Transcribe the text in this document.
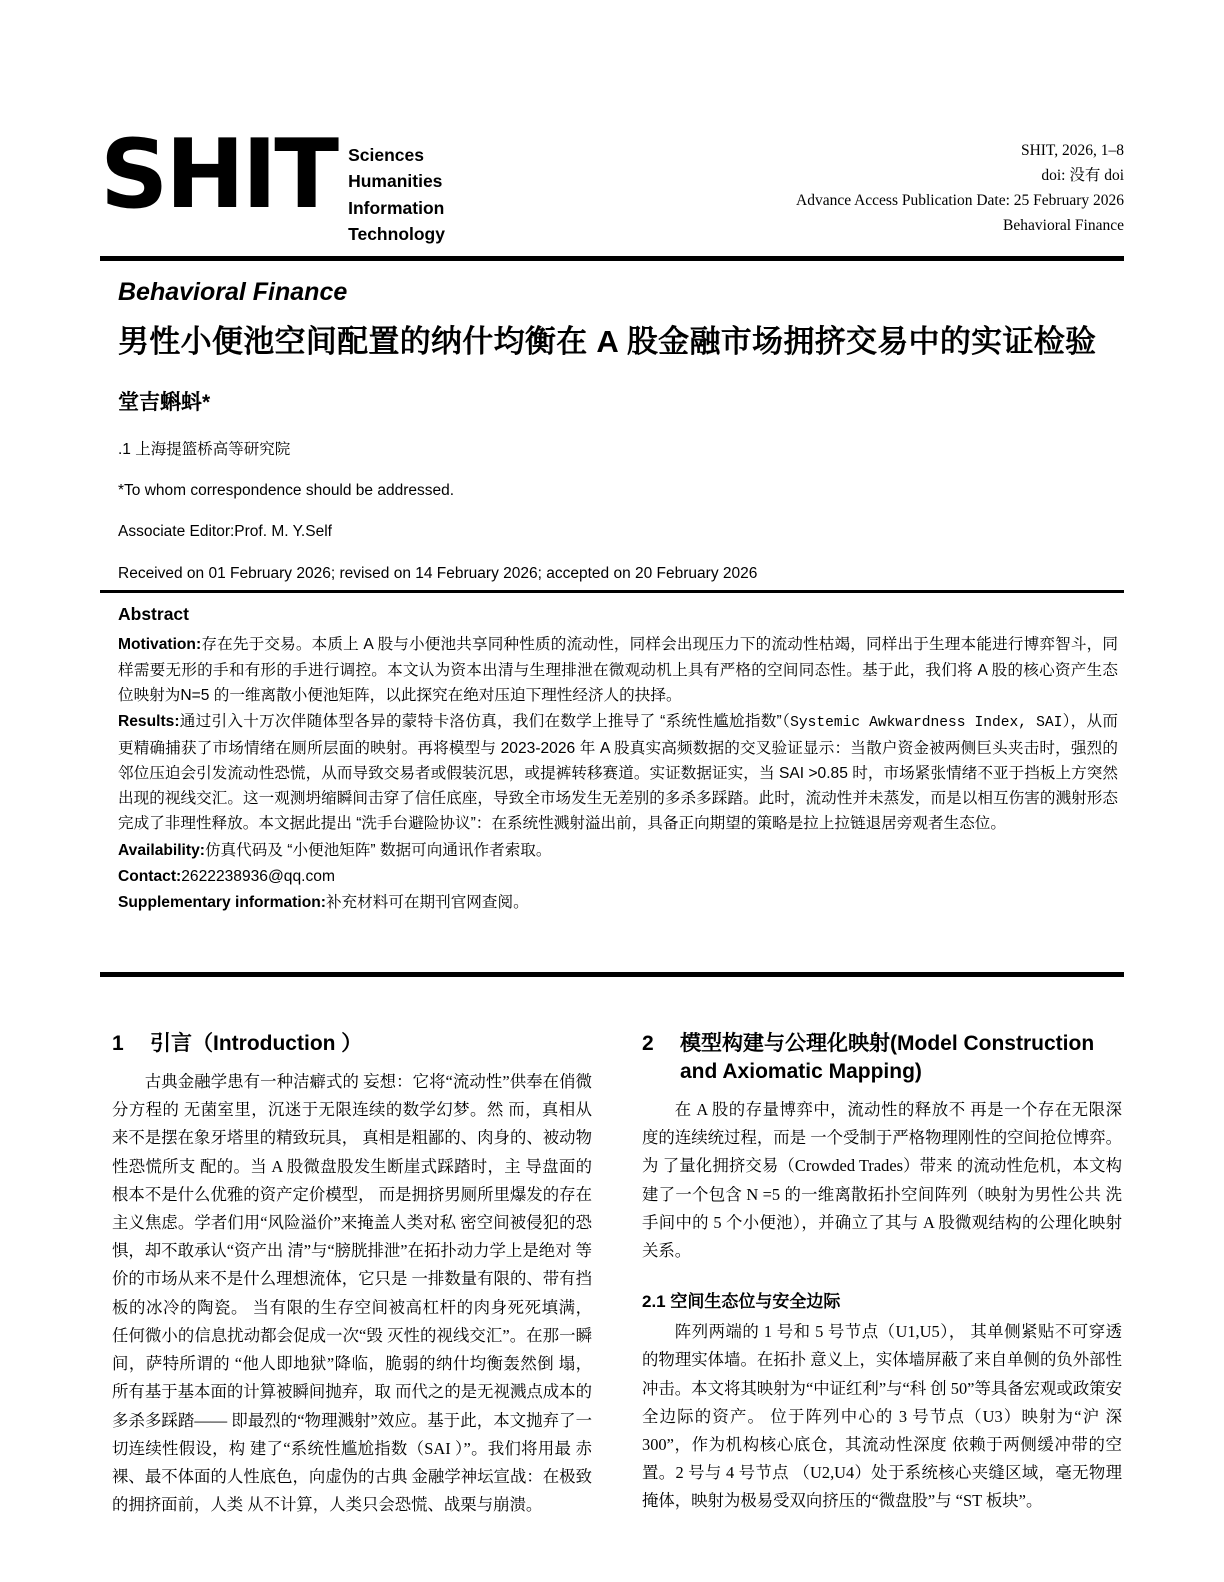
SHIT Sciences
Humanities
Information
Technology
SHIT, 2026, 1–8
doi: 没有 doi
Advance Access Publication Date: 25 February 2026
Behavioral Finance
Behavioral Finance
男性小便池空间配置的纳什均衡在 A 股金融市场拥挤交易中的实证检验
堂吉蝌蚪*
.1 上海提篮桥高等研究院
*To whom correspondence should be addressed.
Associate Editor:Prof. M. Y.Self
Received on 01 February 2026; revised on 14 February 2026; accepted on 20 February 2026
Abstract

Motivation:存在先于交易。本质上 A 股与小便池共享同种性质的流动性，同样会出现压力下的流动性枯竭，同样出于生理本能进行博弈智斗，同样需要无形的手和有形的手进行调控。本文认为资本出清与生理排泄在微观动机上具有严格的空间同态性。基于此，我们将 A 股的核心资产生态位映射为N=5 的一维离散小便池矩阵，以此探究在绝对压迫下理性经济人的抉择。

Results:通过引入十万次伴随体型各异的蒙特卡洛仿真，我们在数学上推导了 “系统性尴尬指数”（Systemic Awkwardness Index, SAI），从而更精确捕获了市场情绪在厕所层面的映射。再将模型与 2023-2026 年 A 股真实高频数据的交叉验证显示：当散户资金被两侧巨头夹击时，强烈的邻位压迫会引发流动性恐慌，从而导致交易者或假装沉思，或提裤转移赛道。实证数据证实，当 SAI >0.85 时，市场紧张情绪不亚于挡板上方突然出现的视线交汇。这一观测坍缩瞬间击穿了信任底座，导致全市场发生无差别的多杀多踩踏。此时，流动性并未蒸发，而是以相互伤害的溅射形态完成了非理性释放。本文据此提出 “洗手台避险协议”：在系统性溅射溢出前，具备正向期望的策略是拉上拉链退居旁观者生态位。

Availability:仿真代码及 “小便池矩阵” 数据可向通讯作者索取。

Contact:2622238936@qq.com

Supplementary information:补充材料可在期刊官网查阅。

1	引言（Introduction ）

古典金融学患有一种洁癖式的 妄想：它将“流动性”供奉在俏微分方程的 无菌室里，沉迷于无限连续的数学幻梦。然 而，真相从来不是摆在象牙塔里的精致玩具， 真相是粗鄙的、肉身的、被动物性恐慌所支 配的。当 A 股微盘股发生断崖式踩踏时，主 导盘面的根本不是什么优雅的资产定价模型， 而是拥挤男厕所里爆发的存在主义焦虑。学者们用“风险溢价”来掩盖人类对私 密空间被侵犯的恐惧，却不敢承认“资产出 清”与“膀胱排泄”在拓扑动力学上是绝对 等价的市场从来不是什么理想流体，它只是 一排数量有限的、带有挡板的冰冷的陶瓷。 当有限的生存空间被高杠杆的肉身死死填满， 任何微小的信息扰动都会促成一次“毁 灭性的视线交汇”。在那一瞬间，萨特所谓的 “他人即地狱”降临，脆弱的纳什均衡轰然倒 塌，所有基于基本面的计算被瞬间抛弃，取 而代之的是无视溅点成本的多杀多踩踏—— 即最烈的“物理溅射”效应。基于此，本文抛弃了一切连续性假设，构 建了“系统性尴尬指数（SAI ）”。我们将用最 赤裸、最不体面的人性底色，向虚伪的古典 金融学神坛宣战：在极致的拥挤面前，人类 从不计算，人类只会恐慌、战栗与崩溃。

2	模型构建与公理化映射(Model Construction and Axiomatic Mapping)

在 A 股的存量博弈中，流动性的释放不 再是一个存在无限深度的连续统过程，而是 一个受制于严格物理刚性的空间抢位博弈。为 了量化拥挤交易（Crowded Trades）带来 的流动性危机，本文构建了一个包含 N =5 的一维离散拓扑空间阵列（映射为男性公共 洗手间中的 5 个小便池），并确立了其与 A 股微观结构的公理化映射关系。

2.1 空间生态位与安全边际

阵列两端的 1 号和 5 号节点（U1,U5）， 其单侧紧贴不可穿透的物理实体墙。在拓扑 意义上，实体墙屏蔽了来自单侧的负外部性 冲击。本文将其映射为“中证红利”与“科 创 50”等具备宏观或政策安全边际的资产。 位于阵列中心的 3 号节点（U3）映射为“沪 深 300”，作为机构核心底仓，其流动性深度 依赖于两侧缓冲带的空置。2 号与 4 号节点 （U2,U4）处于系统核心夹缝区域，毫无物理 掩体，映射为极易受双向挤压的“微盘股”与 “ST 板块”。
